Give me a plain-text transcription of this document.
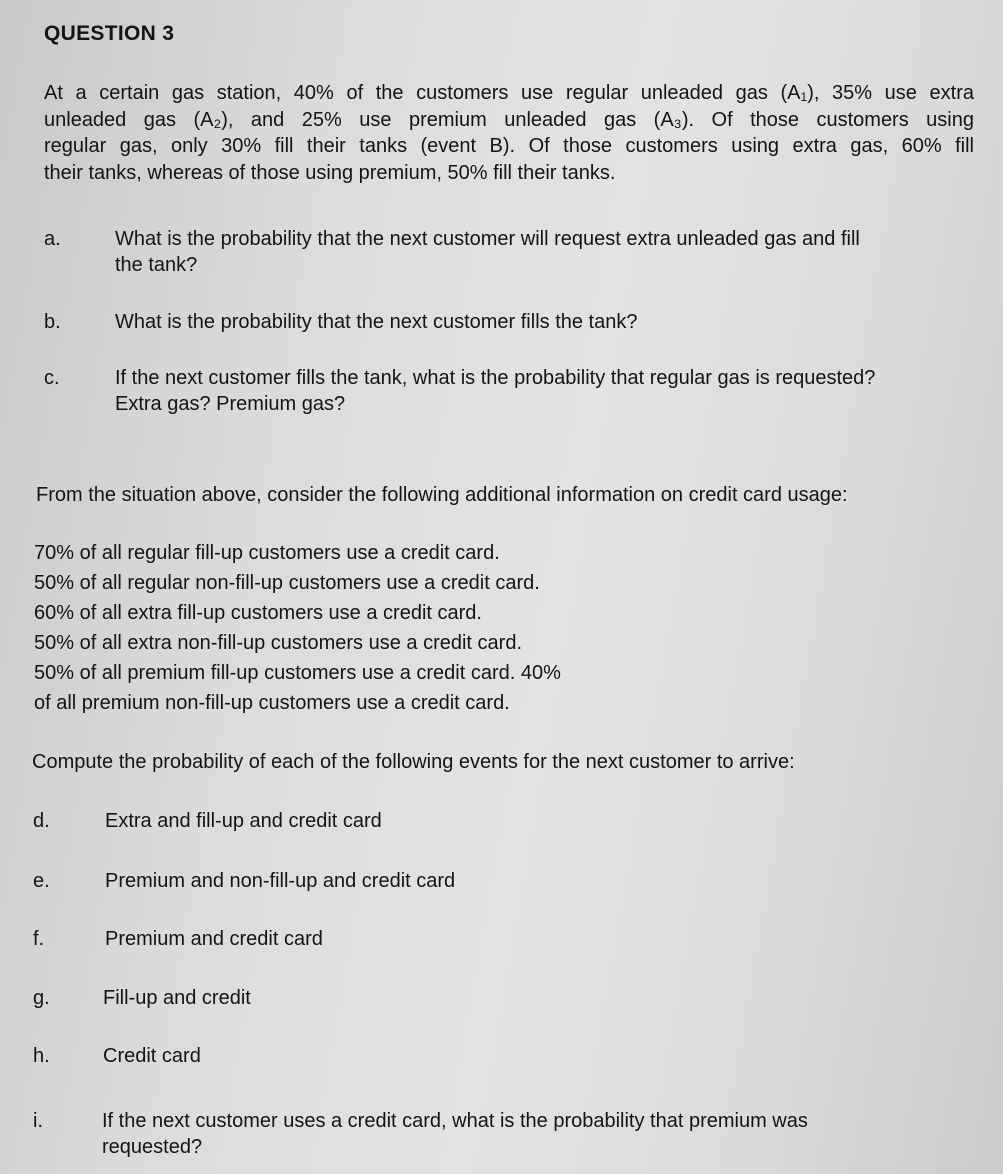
QUESTION 3
At a certain gas station, 40% of the customers use regular unleaded gas (A₁), 35% use extra
unleaded gas (A₂), and 25% use premium unleaded gas (A₃). Of those customers using
regular gas, only 30% fill their tanks (event B). Of those customers using extra gas, 60% fill
their tanks, whereas of those using premium, 50% fill their tanks.
a.	What is the probability that the next customer will request extra unleaded gas and fill
the tank?
b.	What is the probability that the next customer fills the tank?
c.	If the next customer fills the tank, what is the probability that regular gas is requested?
Extra gas? Premium gas?
From the situation above, consider the following additional information on credit card usage:
70% of all regular fill-up customers use a credit card.
50% of all regular non-fill-up customers use a credit card.
60% of all extra fill-up customers use a credit card.
50% of all extra non-fill-up customers use a credit card.
50% of all premium fill-up customers use a credit card. 40%
of all premium non-fill-up customers use a credit card.
Compute the probability of each of the following events for the next customer to arrive:
d.	Extra and fill-up and credit card
e.	Premium and non-fill-up and credit card
f.	Premium and credit card
g.	Fill-up and credit
h.	Credit card
i.	If the next customer uses a credit card, what is the probability that premium was
requested?
